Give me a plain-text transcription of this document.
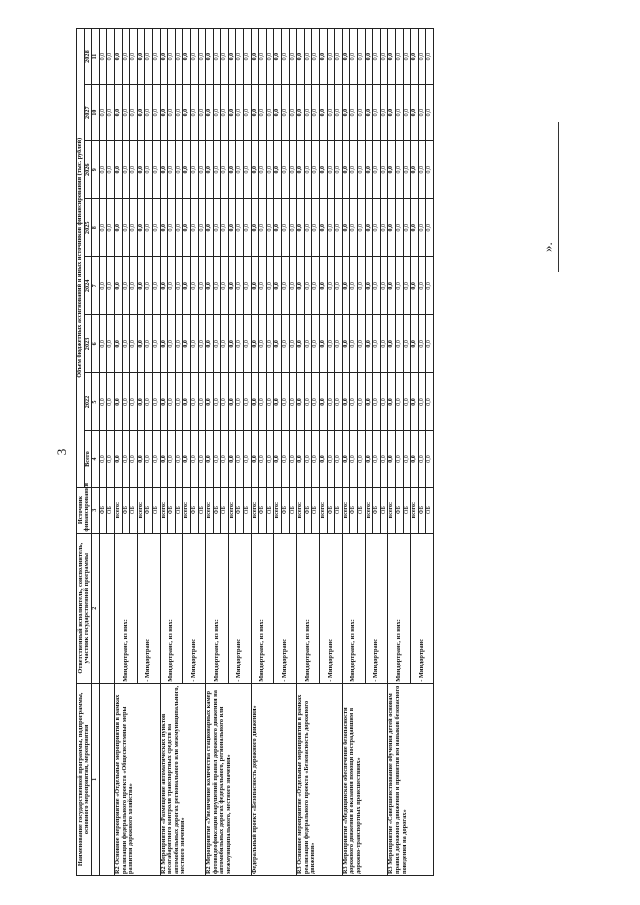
3
Наименование государственной программы, подпрограммы, основного мероприятия, мероприятия	Ответственный исполнитель, соисполнитель, участник государственной программы	Источник финансирования	Объем бюджетных ассигнований и иных источников финансирования (тыс. рублей)							
			Всего	2022	2023	2024	2025	2026	2027	2028
1	2	3	4	5	6	7	8	9	10	11
		ФБ	0,0	0,0	0,0	0,0	0,0	0,0	0,0	0,0
		ОБ	0,0	0,0	0,0	0,0	0,0	0,0	0,0	0,0
R2 Основное мероприятие «Отдельные мероприятия в рамках реализации федерального проекта «Общесистемные меры развития дорожного хозяйства»	Миндортранс, из них:	всего:	0,0	0,0	0,0	0,0	0,0	0,0	0,0	0,0
		ФБ	0,0	0,0	0,0	0,0	0,0	0,0	0,0	0,0
		ОБ	0,0	0,0	0,0	0,0	0,0	0,0	0,0	0,0
	- Миндортранс	всего:	0,0	0,0	0,0	0,0	0,0	0,0	0,0	0,0
		ФБ	0,0	0,0	0,0	0,0	0,0	0,0	0,0	0,0
		ОБ	0,0	0,0	0,0	0,0	0,0	0,0	0,0	0,0
R2 Мероприятие «Размещение автоматических пунктов весогабаритного контроля транспортных средств на автомобильных дорогах регионального или межмуниципального, местного значения»	Миндортранс, из них:	всего:	0,0	0,0	0,0	0,0	0,0	0,0	0,0	0,0
		ФБ	0,0	0,0	0,0	0,0	0,0	0,0	0,0	0,0
		ОБ	0,0	0,0	0,0	0,0	0,0	0,0	0,0	0,0
	- Миндортранс	всего:	0,0	0,0	0,0	0,0	0,0	0,0	0,0	0,0
		ФБ	0,0	0,0	0,0	0,0	0,0	0,0	0,0	0,0
		ОБ	0,0	0,0	0,0	0,0	0,0	0,0	0,0	0,0
R2 Мероприятие «Увеличение количества стационарных камер фотовидеофиксации нарушений правил дорожного движения на автомобильных дорогах федерального, регионального или межмуниципального, местного значения»	Миндортранс, из них:	всего:	0,0	0,0	0,0	0,0	0,0	0,0	0,0	0,0
		ФБ	0,0	0,0	0,0	0,0	0,0	0,0	0,0	0,0
		ОБ	0,0	0,0	0,0	0,0	0,0	0,0	0,0	0,0
	- Миндортранс	всего:	0,0	0,0	0,0	0,0	0,0	0,0	0,0	0,0
		ФБ	0,0	0,0	0,0	0,0	0,0	0,0	0,0	0,0
		ОБ	0,0	0,0	0,0	0,0	0,0	0,0	0,0	0,0
Федеральный проект «Безопасность дорожного движения»	Миндортранс, из них:	всего:	0,0	0,0	0,0	0,0	0,0	0,0	0,0	0,0
		ФБ	0,0	0,0	0,0	0,0	0,0	0,0	0,0	0,0
		ОБ	0,0	0,0	0,0	0,0	0,0	0,0	0,0	0,0
	- Миндортранс	всего:	0,0	0,0	0,0	0,0	0,0	0,0	0,0	0,0
		ФБ	0,0	0,0	0,0	0,0	0,0	0,0	0,0	0,0
		ОБ	0,0	0,0	0,0	0,0	0,0	0,0	0,0	0,0
R3 Основное мероприятие «Отдельные мероприятия в рамках реализации федерального проекта «Безопасность дорожного движения»	Миндортранс, из них:	всего:	0,0	0,0	0,0	0,0	0,0	0,0	0,0	0,0
		ФБ	0,0	0,0	0,0	0,0	0,0	0,0	0,0	0,0
		ОБ	0,0	0,0	0,0	0,0	0,0	0,0	0,0	0,0
	- Миндортранс	всего:	0,0	0,0	0,0	0,0	0,0	0,0	0,0	0,0
		ФБ	0,0	0,0	0,0	0,0	0,0	0,0	0,0	0,0
		ОБ	0,0	0,0	0,0	0,0	0,0	0,0	0,0	0,0
R3 Мероприятие «Медицинское обеспечение безопасности дорожного движения и оказания помощи пострадавшим в дорожно-транспортных происшествиях»	Миндортранс, из них:	всего:	0,0	0,0	0,0	0,0	0,0	0,0	0,0	0,0
		ФБ	0,0	0,0	0,0	0,0	0,0	0,0	0,0	0,0
		ОБ	0,0	0,0	0,0	0,0	0,0	0,0	0,0	0,0
	- Миндортранс	всего:	0,0	0,0	0,0	0,0	0,0	0,0	0,0	0,0
		ФБ	0,0	0,0	0,0	0,0	0,0	0,0	0,0	0,0
		ОБ	0,0	0,0	0,0	0,0	0,0	0,0	0,0	0,0
R3 Мероприятие «Совершенствование обучения детей основам правил дорожного движения и привития им навыков безопасного поведения на дорогах»	Миндортранс, из них:	всего:	0,0	0,0	0,0	0,0	0,0	0,0	0,0	0,0
		ФБ	0,0	0,0	0,0	0,0	0,0	0,0	0,0	0,0
		ОБ	0,0	0,0	0,0	0,0	0,0	0,0	0,0	0,0
	- Миндортранс	всего:	0,0	0,0	0,0	0,0	0,0	0,0	0,0	0,0
		ФБ	0,0	0,0	0,0	0,0	0,0	0,0	0,0	0,0
		ОБ	0,0	0,0	0,0	0,0	0,0	0,0	0,0	0,0
».
